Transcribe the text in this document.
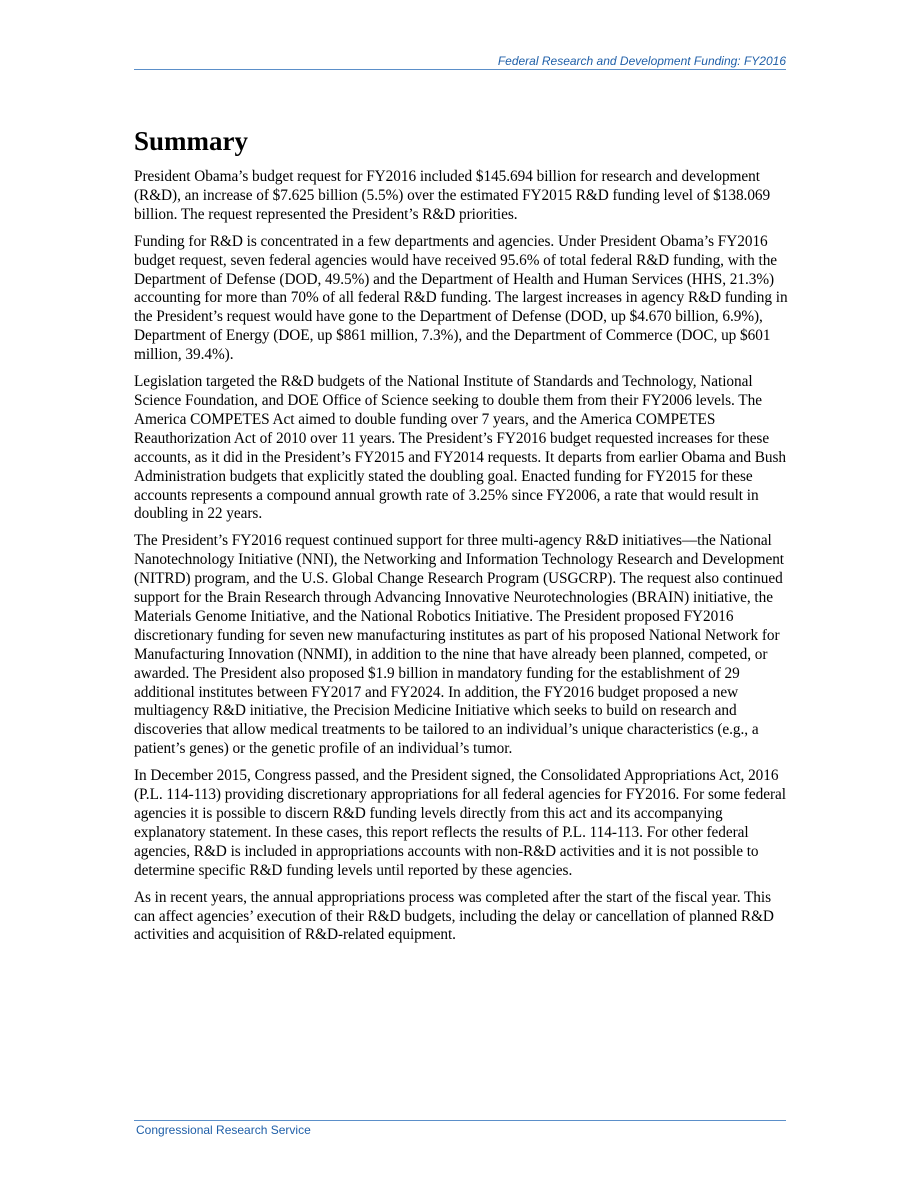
Federal Research and Development Funding: FY2016
Summary

President Obama’s budget request for FY2016 included $145.694 billion for research and development (R&D), an increase of $7.625 billion (5.5%) over the estimated FY2015 R&D funding level of $138.069 billion. The request represented the President’s R&D priorities.

Funding for R&D is concentrated in a few departments and agencies. Under President Obama’s FY2016 budget request, seven federal agencies would have received 95.6% of total federal R&D funding, with the Department of Defense (DOD, 49.5%) and the Department of Health and Human Services (HHS, 21.3%) accounting for more than 70% of all federal R&D funding. The largest increases in agency R&D funding in the President’s request would have gone to the Department of Defense (DOD, up $4.670 billion, 6.9%), Department of Energy (DOE, up $861 million, 7.3%), and the Department of Commerce (DOC, up $601 million, 39.4%).

Legislation targeted the R&D budgets of the National Institute of Standards and Technology, National Science Foundation, and DOE Office of Science seeking to double them from their FY2006 levels. The America COMPETES Act aimed to double funding over 7 years, and the America COMPETES Reauthorization Act of 2010 over 11 years. The President’s FY2016 budget requested increases for these accounts, as it did in the President’s FY2015 and FY2014 requests. It departs from earlier Obama and Bush Administration budgets that explicitly stated the doubling goal. Enacted funding for FY2015 for these accounts represents a compound annual growth rate of 3.25% since FY2006, a rate that would result in doubling in 22 years.

The President’s FY2016 request continued support for three multi-agency R&D initiatives—the National Nanotechnology Initiative (NNI), the Networking and Information Technology Research and Development (NITRD) program, and the U.S. Global Change Research Program (USGCRP). The request also continued support for the Brain Research through Advancing Innovative Neurotechnologies (BRAIN) initiative, the Materials Genome Initiative, and the National Robotics Initiative. The President proposed FY2016 discretionary funding for seven new manufacturing institutes as part of his proposed National Network for Manufacturing Innovation (NNMI), in addition to the nine that have already been planned, competed, or awarded. The President also proposed $1.9 billion in mandatory funding for the establishment of 29 additional institutes between FY2017 and FY2024. In addition, the FY2016 budget proposed a new multiagency R&D initiative, the Precision Medicine Initiative which seeks to build on research and discoveries that allow medical treatments to be tailored to an individual’s unique characteristics (e.g., a patient’s genes) or the genetic profile of an individual’s tumor.

In December 2015, Congress passed, and the President signed, the Consolidated Appropriations Act, 2016 (P.L. 114-113) providing discretionary appropriations for all federal agencies for FY2016. For some federal agencies it is possible to discern R&D funding levels directly from this act and its accompanying explanatory statement. In these cases, this report reflects the results of P.L. 114-113. For other federal agencies, R&D is included in appropriations accounts with non-R&D activities and it is not possible to determine specific R&D funding levels until reported by these agencies.

As in recent years, the annual appropriations process was completed after the start of the fiscal year. This can affect agencies’ execution of their R&D budgets, including the delay or cancellation of planned R&D activities and acquisition of R&D-related equipment.

Congressional Research Service
